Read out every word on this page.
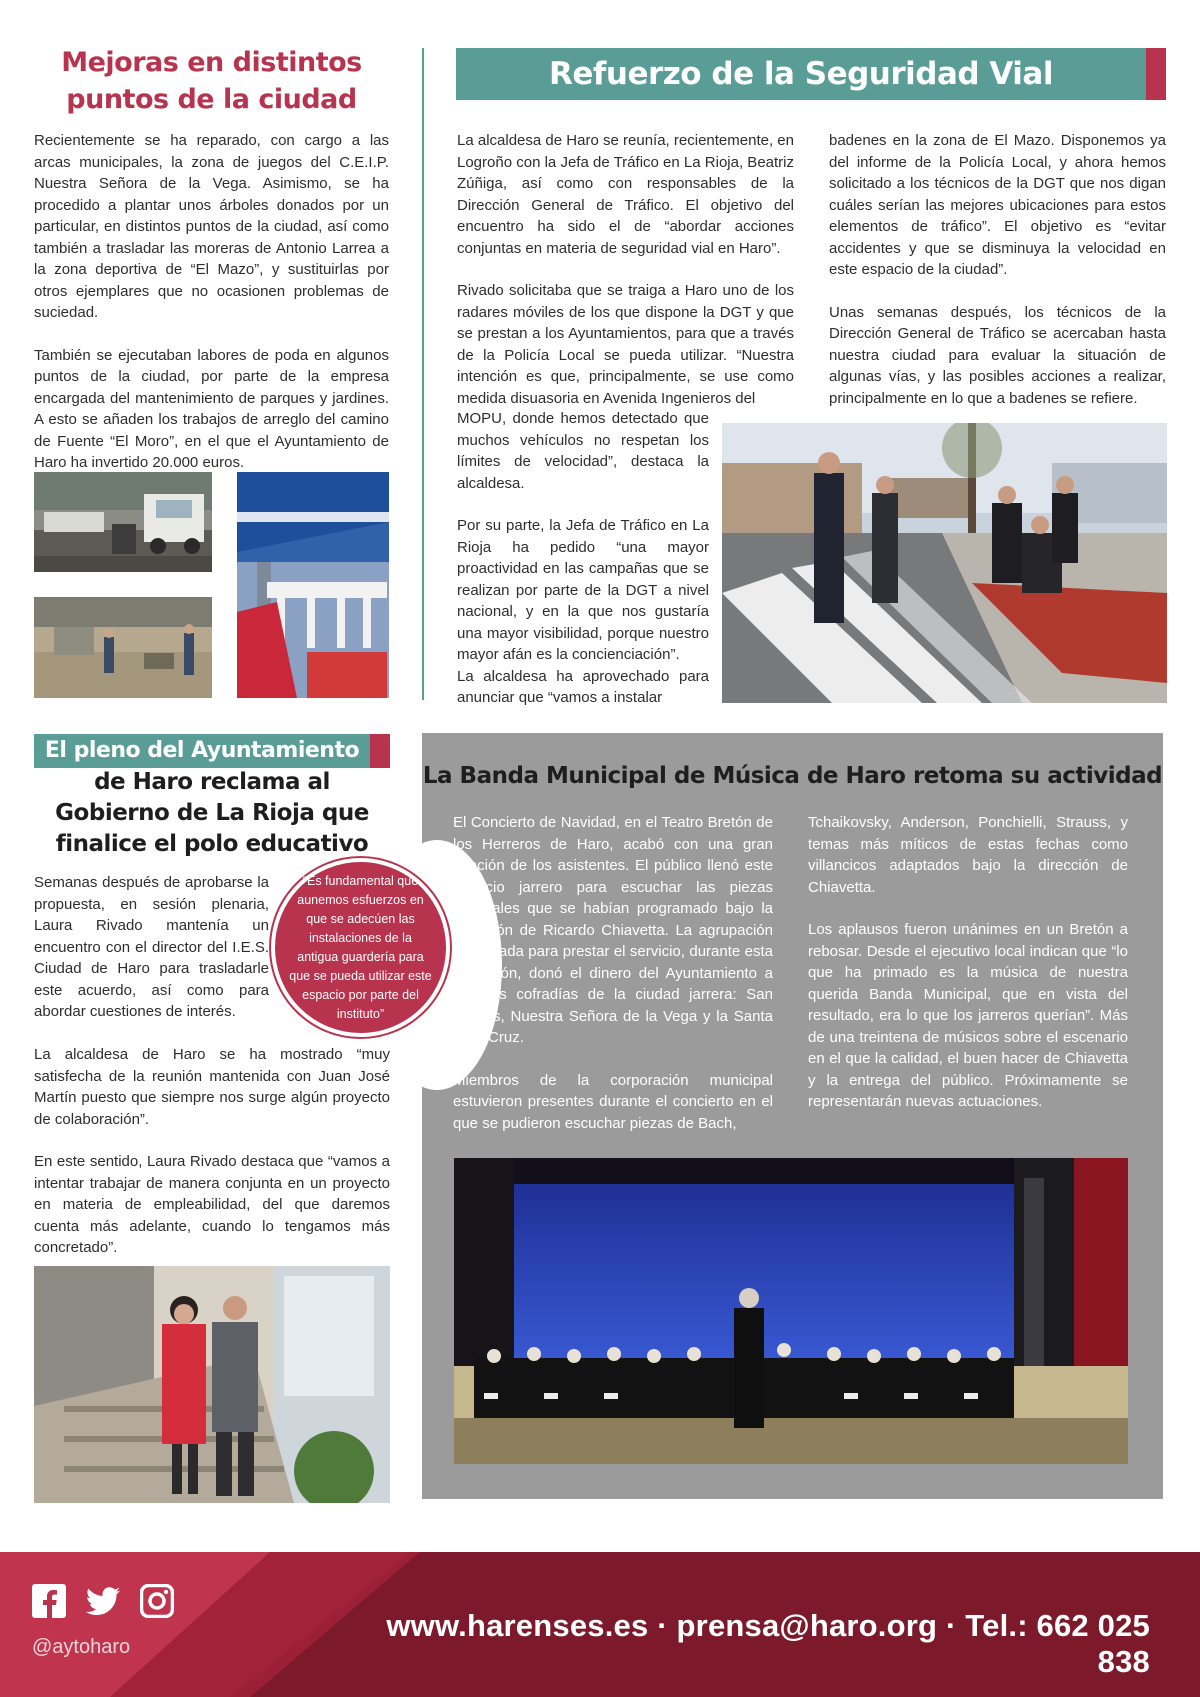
Mejoras en distintos
puntos de la ciudad

Recientemente se ha reparado, con cargo a las arcas municipales, la zona de juegos del C.E.I.P. Nuestra Señora de la Vega. Asimismo, se ha procedido a plantar unos árboles donados por un particular, en distintos puntos de la ciudad, así como también a trasladar las moreras de Antonio Larrea a la zona deportiva de “El Mazo”, y sustituirlas por otros ejemplares que no ocasionen problemas de suciedad.

También se ejecutaban labores de poda en algunos puntos de la ciudad, por parte de la empresa encargada del mantenimiento de parques y jardines. A esto se añaden los trabajos de arreglo del camino de Fuente “El Moro”, en el que el Ayuntamiento de Haro ha invertido 20.000 euros.

Refuerzo de la Seguridad Vial

La alcaldesa de Haro se reunía, recientemente, en Logroño con la Jefa de Tráfico en La Rioja, Beatriz Zúñiga, así como con responsables de la Dirección General de Tráfico. El objetivo del encuentro ha sido el de “abordar acciones conjuntas en materia de seguridad vial en Haro”.

Rivado solicitaba que se traiga a Haro uno de los radares móviles de los que dispone la DGT y que se prestan a los Ayuntamientos, para que a través de la Policía Local se pueda utilizar. “Nuestra intención es que, principalmente, se use como medida disuasoria en Avenida Ingenieros del

MOPU, donde hemos detectado que muchos vehículos no respetan los límites de velocidad”, destaca la alcaldesa.

Por su parte, la Jefa de Tráfico en La Rioja ha pedido “una mayor proactividad en las campañas que se realizan por parte de la DGT a nivel nacional, y en la que nos gustaría una mayor visibilidad, porque nuestro mayor afán es la concienciación”.
La alcaldesa ha aprovechado para anunciar que “vamos a instalar

badenes en la zona de El Mazo. Disponemos ya del informe de la Policía Local, y ahora hemos solicitado a los técnicos de la DGT que nos digan cuáles serían las mejores ubicaciones para estos elementos de tráfico”. El objetivo es “evitar accidentes y que se disminuya la velocidad en este espacio de la ciudad”.

Unas semanas después, los técnicos de la Dirección General de Tráfico se acercaban hasta nuestra ciudad para evaluar la situación de algunas vías, y las posibles acciones a realizar, principalmente en lo que a badenes se refiere.

El pleno del Ayuntamiento
de Haro reclama al Gobierno de La Rioja que finalice el polo educativo

Semanas después de aprobarse la propuesta, en sesión plenaria, Laura Rivado mantenía un encuentro con el director del I.E.S. Ciudad de Haro para trasladarle este acuerdo, así como para abordar cuestiones de interés.

La alcaldesa de Haro se ha mostrado “muy satisfecha de la reunión mantenida con Juan José Martín puesto que siempre nos surge algún proyecto de colaboración”.

En este sentido, Laura Rivado destaca que “vamos a intentar trabajar de manera conjunta en un proyecto en materia de empleabilidad, del que daremos cuenta más adelante, cuando lo tengamos más concretado”.

La Banda Municipal de Música de Haro retoma su actividad

El Concierto de Navidad, en el Teatro Bretón de los Herreros de Haro, acabó con una gran ovación de los asistentes. El público llenó este espacio jarrero para escuchar las piezas musicales que se habían programado bajo la dirección de Ricardo Chiavetta. La agrupación contratada para prestar el servicio, durante esta actuación, donó el dinero del Ayuntamiento a las tres cofradías de la ciudad jarrera: San Felices, Nuestra Señora de la Vega y la Santa Vera Cruz.

Miembros de la corporación municipal estuvieron presentes durante el concierto en el que se pudieron escuchar piezas de Bach,

Tchaikovsky, Anderson, Ponchielli, Strauss, y temas más míticos de estas fechas como villancicos adaptados bajo la dirección de Chiavetta.

Los aplausos fueron unánimes en un Bretón a rebosar. Desde el ejecutivo local indican que “lo que ha primado es la música de nuestra querida Banda Municipal, que en vista del resultado, era lo que los jarreros querían”. Más de una treintena de músicos sobre el escenario en el que la calidad, el buen hacer de Chiavetta y la entrega del público. Próximamente se representarán nuevas actuaciones.

“Es fundamental que aunemos esfuerzos en que se adecúen las instalaciones de la antigua guardería para que se pueda utilizar este espacio por parte del instituto”
@aytoharo
www.harenses.es · prensa@haro.org · Tel.: 662 025 838
